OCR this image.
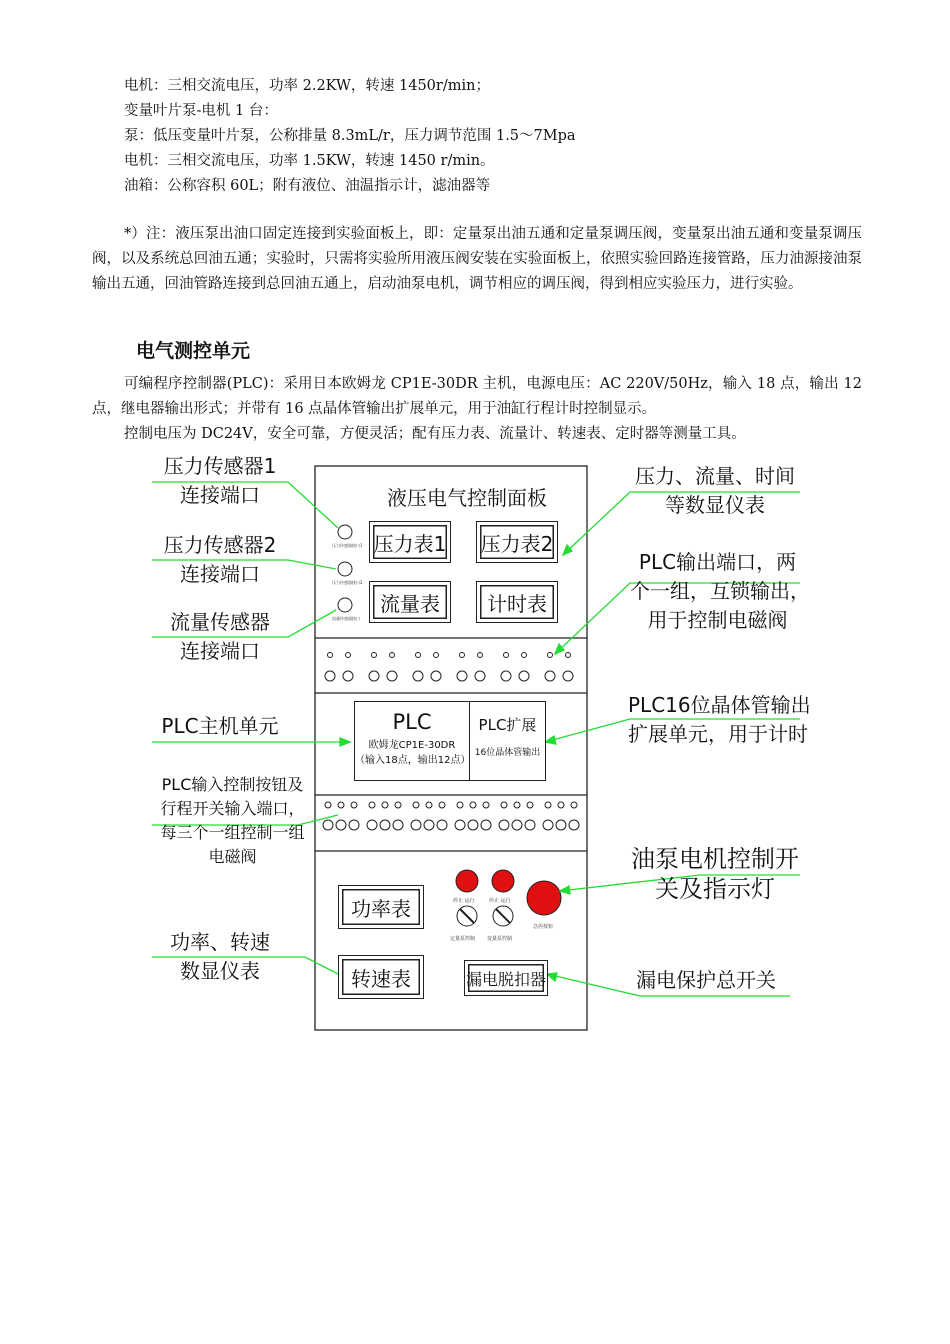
电机：三相交流电压，功率 2.2KW，转速 1450r/min；
变量叶片泵-电机 1 台：
泵：低压变量叶片泵，公称排量 8.3mL/r，压力调节范围 1.5～7Mpa
电机：三相交流电压，功率 1.5KW，转速 1450 r/min。
油箱：公称容积 60L；附有液位、油温指示计，滤油器等
*）注：液压泵出油口固定连接到实验面板上，即：定量泵出油五通和定量泵调压阀，变量泵出油五通和变量泵调压阀，以及系统总回油五通；实验时，只需将实验所用液压阀安装在实验面板上，依照实验回路连接管路，压力油源接油泵输出五通，回油管路连接到总回油五通上，启动油泵电机，调节相应的调压阀，得到相应实验压力，进行实验。
电气测控单元
可编程序控制器(PLC)：采用日本欧姆龙 CP1E-30DR 主机，电源电压：AC 220V/50Hz，输入 18 点，输出 12 点，继电器输出形式；并带有 16 点晶体管输出扩展单元，用于油缸行程计时控制显示。
控制电压为 DC24V，安全可靠，方便灵活；配有压力表、流量计、转速表、定时器等测量工具。
压力传感器接口1
压力传感器接口2
流量传感器接口
急停按钮
停止 运行	停止 运行
定量泵控制 变量泵控制
液压电气控制面板
压力表1 压力表2
流量表	计时表
PLC
欧姆龙CP1E-30DR
（输入18点，输出12点）
PLC扩展
16位晶体管输出
功率表
转速表	漏电脱扣器
压力传感器1
连接端口
压力传感器2
连接端口
流量传感器
连接端口
PLC主机单元
PLC输入控制按钮及
行程开关输入端口，
每三个一组控制一组
电磁阀
功率、转速
数显仪表
压力、流量、时间
等数显仪表
PLC输出端口，两
个一组，互锁输出，
用于控制电磁阀
PLC16位晶体管输出
扩展单元，用于计时
油泵电机控制开
关及指示灯
漏电保护总开关
